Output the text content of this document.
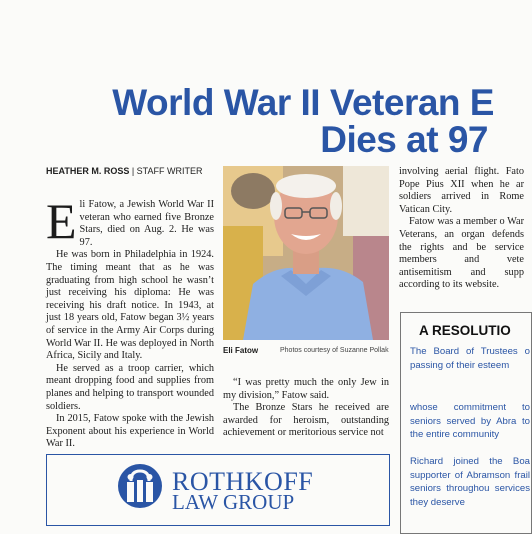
World War II Veteran E
Dies at 97
HEATHER M. ROSS | STAFF WRITER

Eli Fatow, a Jewish World War II veteran who earned five Bronze Stars, died on Aug. 2. He was 97.

He was born in Philadelphia in 1924. The timing meant that as he was graduating from high school he wasn’t just receiving his diploma: He was receiving his draft notice. In 1943, at just 18 years old, Fatow began 3½ years of service in the Army Air Corps during World War II. He was deployed in North Africa, Sicily and Italy.

He served as a troop carrier, which meant dropping food and supplies from planes and helping to transport wounded soldiers.

In 2015, Fatow spoke with the Jewish Exponent about his experience in World War II.

Eli Fatow	Photos courtesy of Suzanne Pollak

“I was pretty much the only Jew in my division,” Fatow said.

The Bronze Stars he received are awarded for heroism, outstanding achievement or meritorious service not

involving aerial flight. Fato Pope Pius XII when he ar soldiers arrived in Rome Vatican City.

Fatow was a member o War Veterans, an organ defends the rights and be service members and vete antisemitism and supp according to its website.

A RESOLUTIO
The Board of Trustees o passing of their esteem
whose commitment to seniors served by Abra to the entire community
Richard joined the Boa supporter of Abramson frail seniors throughou services they deserve
ROTHKOFF
LAW GROUP
